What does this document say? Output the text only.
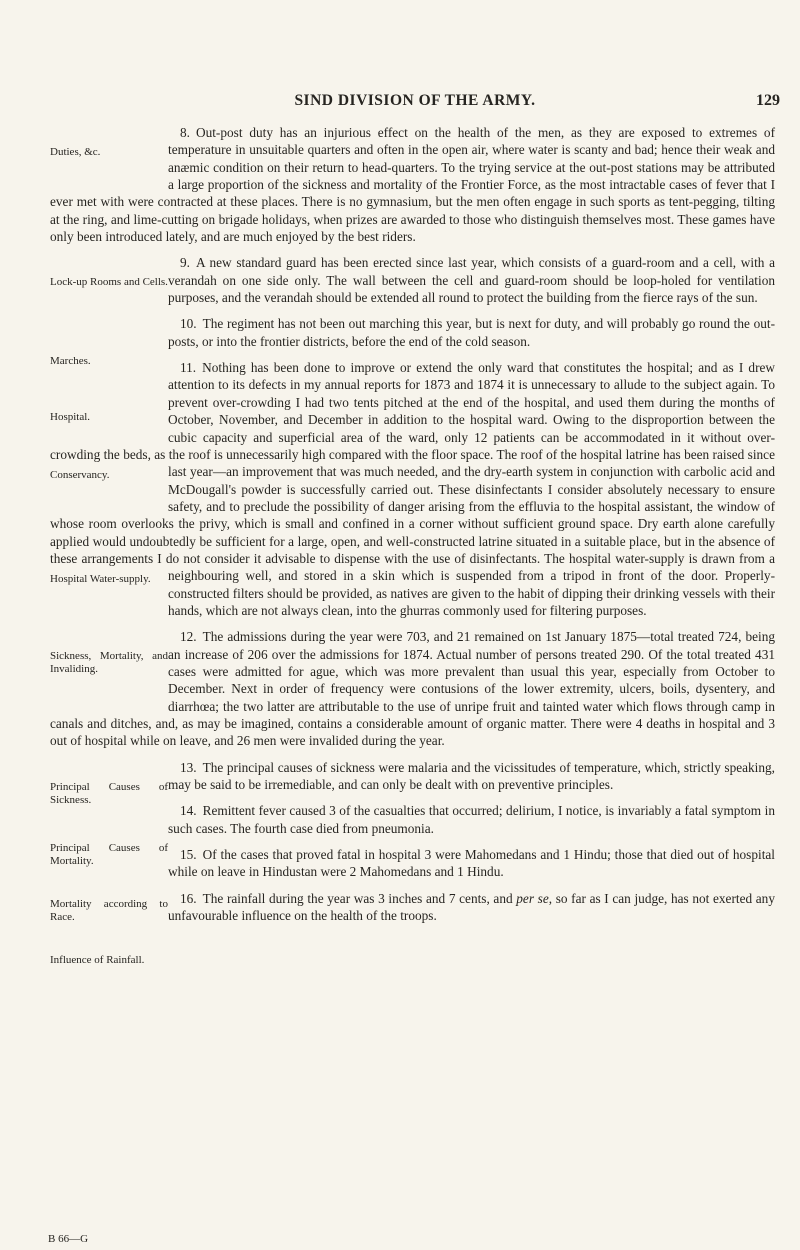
SIND DIVISION OF THE ARMY.	129

8.
Duties, &c.
Out-post duty has an injurious effect on the health of the men, as they are exposed to extremes of temperature in unsuitable quarters and often in the open air, where water is scanty and bad; hence their weak and anæmic condition on their return to head-quarters. To the trying service at the out-post stations may be attributed a large proportion of the sickness and mortality of the Frontier Force, as the most intractable cases of fever that I ever met with were contracted at these places. There is no gymnasium, but the men often engage in such sports as tent-pegging, tilting at the ring, and lime-cutting on brigade holidays, when prizes are awarded to those who distinguish themselves most. These games have only been introduced lately, and are much enjoyed by the best riders.

9.
Lock-up Rooms and Cells.
A new standard guard has been erected since last year, which consists of a guard-room and a cell, with a verandah on one side only. The wall between the cell and guard-room should be loop-holed for ventilation purposes, and the verandah should be extended all round to protect the building from the fierce rays of the sun.

10.
Marches.
The regiment has not been out marching this year, but is next for duty, and will probably go round the out-posts, or into the frontier districts, before the end of the cold season.

11.
Hospital.
Nothing has been done to improve or extend the only ward that constitutes the hospital; and as I drew attention to its defects in my annual reports for 1873 and 1874 it is unnecessary to allude to the subject again. To prevent over-crowding I had two tents pitched at the end of the hospital, and used them during the months of October, November, and December in addition to the hospital ward. Owing to the disproportion between the cubic capacity and superficial area of the ward, only 12 patients can be accommodated in it without over-crowding the beds, as the roof is unnecessarily high compared with the floor space. The roof of the hospital latrine has been
Conservancy.
raised since last year—an improvement that was much needed, and the dry-earth system in conjunction with carbolic acid and McDougall's powder is successfully carried out. These disinfectants I consider absolutely necessary to ensure safety, and to preclude the possibility of danger arising from the effluvia to the hospital assistant, the window of whose room overlooks the privy, which is small and confined in a corner without sufficient ground space. Dry earth alone carefully applied would undoubtedly be sufficient for a large, open, and well-constructed latrine situated in a suitable place, but in the absence of these arrangements I do not consider it advisable to dispense with the use of disinfectants. The hospital water-supply is drawn from a neighbouring well, and stored in
Hospital Water-supply.	a skin which is suspended from a tripod in front of the door. Properly-constructed filters should be provided, as natives are given to the habit of dipping their drinking vessels with their hands, which are not always clean, into the ghurras commonly used for filtering purposes.

12.
Sickness, Mortality, and Invaliding.
The admissions during the year were 703, and 21 remained on 1st January 1875—total treated 724, being an increase of 206 over the admissions for 1874. Actual number of persons treated 290. Of the total treated 431 cases were admitted for ague, which was more prevalent than usual this year, especially from October to December. Next in order of frequency were contusions of the lower extremity, ulcers, boils, dysentery, and diarrhœa; the two latter are attributable to the use of unripe fruit and tainted water which flows through camp in canals and ditches, and, as may be imagined, contains a considerable amount of organic matter. There were 4 deaths in hospital and 3 out of hospital while on leave, and 26 men were invalided during the year.

13.
Principal Causes of Sickness.
The principal causes of sickness were malaria and the vicissitudes of temperature, which, strictly speaking, may be said to be irremediable, and can only be dealt with on preventive principles.

14.
Principal Causes of Mortality.
Remittent fever caused 3 of the casualties that occurred; delirium, I notice, is invariably a fatal symptom in such cases. The fourth case died from pneumonia.

15.
Mortality according to Race.
Of the cases that proved fatal in hospital 3 were Mahomedans and 1 Hindu; those that died out of hospital while on leave in Hindustan were 2 Mahomedans and 1 Hindu.

16.
Influence of Rainfall.
The rainfall during the year was 3 inches and 7 cents, and per se, so far as I can judge, has not exerted any unfavourable influence on the health of the troops.

B 66—G
